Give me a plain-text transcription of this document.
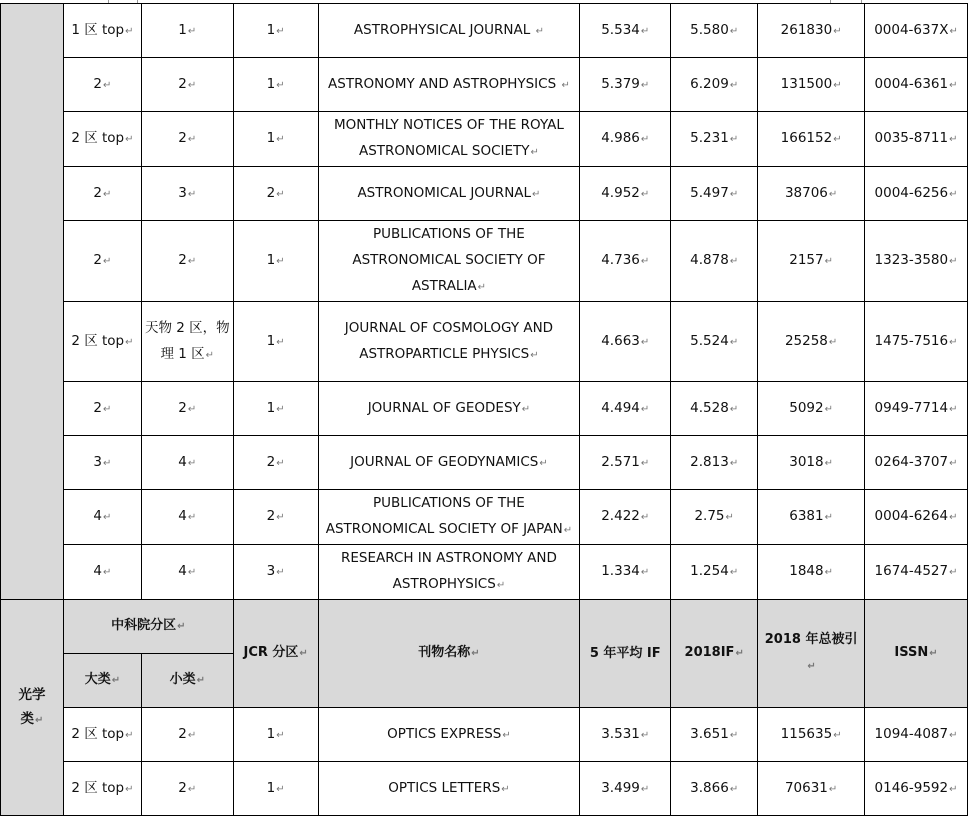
	1 区 top↵	1↵	1↵	ASTROPHYSICAL JOURNAL ↵	5.534↵	5.580↵	261830↵	0004-637X↵
	2↵	2↵	1↵	ASTRONOMY AND ASTROPHYSICS ↵	5.379↵	6.209↵	131500↵	0004-6361↵
	2 区 top↵	2↵	1↵	MONTHLY NOTICES OF THE ROYAL ASTRONOMICAL SOCIETY↵	4.986↵	5.231↵	166152↵	0035-8711↵
	2↵	3↵	2↵	ASTRONOMICAL JOURNAL↵	4.952↵	5.497↵	38706↵	0004-6256↵
	2↵	2↵	1↵	PUBLICATIONS OF THE ASTRONOMICAL SOCIETY OF ASTRALIA↵	4.736↵	4.878↵	2157↵	1323-3580↵
	2 区 top↵	天物 2 区，物理 1 区↵	1↵	JOURNAL OF COSMOLOGY AND ASTROPARTICLE PHYSICS↵	4.663↵	5.524↵	25258↵	1475-7516↵
	2↵	2↵	1↵	JOURNAL OF GEODESY↵	4.494↵	4.528↵	5092↵	0949-7714↵
	3↵	4↵	2↵	JOURNAL OF GEODYNAMICS↵	2.571↵	2.813↵	3018↵	0264-3707↵
	4↵	4↵	2↵	PUBLICATIONS OF THE ASTRONOMICAL SOCIETY OF JAPAN↵	2.422↵	2.75↵	6381↵	0004-6264↵
	4↵	4↵	3↵	RESEARCH IN ASTRONOMY AND ASTROPHYSICS↵	1.334↵	1.254↵	1848↵	1674-4527↵
光学类↵	中科院分区↵		JCR 分区↵	刊物名称↵	5 年平均 IF	2018IF↵	2018 年总被引↵	ISSN↵
	大类↵	小类↵						
	2 区 top↵	2↵	1↵	OPTICS EXPRESS↵	3.531↵	3.651↵	115635↵	1094-4087↵
	2 区 top↵	2↵	1↵	OPTICS LETTERS↵	3.499↵	3.866↵	70631↵	0146-9592↵
